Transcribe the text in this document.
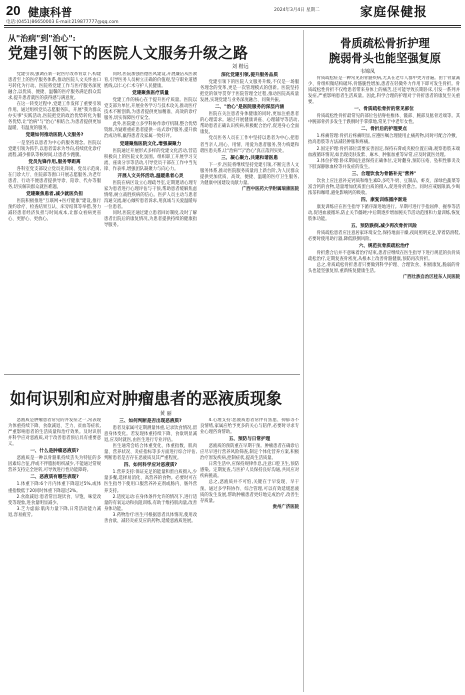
20 健康科普	2024年3月4日 星期二	家庭保健报
电话:(0451)86650003 E-mail:219877777@qq.com
从"治病"到"治心":
党建引领下的医院人文服务升级之路
刘 楷远

党建引领,强调在新一轮医疗改革背景下,构建患者至上的医疗服务体系,推动医院人文关怀由口号转化为行动。医院将党建工作与医疗服务深度融合,以优质、便捷、温馨的医疗服务满足群众需求,提升患者就医的获得感与满意度。

在这一转变过程中,党建工作发挥了重要引领作用。通过组织党员志愿服务队、开展"我为群众办实事"实践活动,医院把党的政治优势转化为服务优势,让"治病"与"治心"相结合,为患者提供更加温暖、有温度的服务。

党建如何推动医院人文服务?

一是坚持以患者为中心的服务理念。医院以党建引领为抓手,以患者需求为导向,持续优化诊疗流程,减少排队等候时间,让患者少跑腿。

党员先锋作用,服务零距离

各科室党支部设立党员先锋岗、党员示范岗,在门诊大厅、住院部等窗口开展志愿服务,为老年患者、行动不便患者提供导诊、陪诊、代办等服务,切实解决群众就医难题。

党建聚焦患者,减少就医负担

医院积极推进"互联网+医疗健康"建设,推行预约诊疗、检查结果互认、床旁结算等举措,努力减轻患者经济负担与时间成本,让群众看病更省心、更舒心、更放心。

同时,医院加强医德医风建设,开展廉洁从医教育,引导医务人员树立正确的价值观,坚守职业道德底线,以仁心仁术守护人民健康。

党建聚焦医疗质量

党建工作的核心在于提升医疗质量。医院以党支部为单位,开展业务学习与技术攻关,推动医疗技术不断创新,为患者提供更加精准、高效的诊疗服务,切实保障医疗安全。

此外,医院建立多学科协作诊疗机制,整合优势资源,为疑难重症患者提供一站式诊疗服务,提升救治成功率,赢得患者及家属一致好评。

党建聚焦医院文化,增强凝聚力

医院通过开展形式多样的党建文化活动,营造积极向上的医院文化氛围。组织职工开展学习交流、座谈分享等活动,引导党员干部在工作中当先锋、作表率,增强团队凝聚力与向心力。

开展人文关怀活动,温暖患者心灵

医院在病区设立心理疏导室,定期邀请心理专家为患者进行心理评估与干预,帮助患者缓解焦虑情绪,树立战胜疾病的信心。医护人员主动与患者沟通交流,耐心倾听患者诉求,用真诚与关爱温暖每一位患者。

同时,医院还通过建立患者回访制度,及时了解患者出院后的康复情况,为患者提供持续的健康指导服务。

深化党建引领,提升服务品质

党建引领下的医院人文服务升级,不仅是一场服务理念的变革,更是一次管理模式的创新。医院坚持把党的领导贯穿于医院管理全过程,推动医院高质量发展,实现党建与业务深度融合、同频共振。

二、"治心"是医院服务的深层内涵

医院在关注患者身体健康的同时,更加注重患者的心理需求。通过开展健康讲座、心理辅导等活动,帮助患者正确认识疾病,积极配合治疗,促进身心全面康复。

党员医务人员在工作中坚持以患者为中心,把患者当亲人,用心、用情、用爱为患者服务,努力构建和谐医患关系,让"治病"与"治心"真正落到实处。

三、凝心聚力,共建和谐医患

下一步,医院将继续坚持党建引领,不断完善人文服务体系,推动医院服务质量再上新台阶,为人民群众提供更加优质、高效、便捷、温暖的医疗卫生服务,为健康中国建设贡献力量。

广西中医药大学附属瑞康医院

如何识别和应对肿瘤患者的恶液质现象
黄 丽

恶液质是肿瘤患者常见的并发症之一,常表现为体重持续下降、食欲减退、乏力、贫血等症状,严重影响患者的生活质量和治疗效果。及时识别并科学应对恶液质,对于改善患者预后具有重要意义。

一、什么是肿瘤恶液质?

恶液质是一种以骨骼肌持续丢失为特征的多因素综合征,伴或不伴脂肪组织减少,不能通过常规营养支持完全逆转,可导致进行性功能障碍。

二、恶液质有哪些表现?

1.体重下降:6个月内体重下降超过5%,或体重指数低于20同时体重下降超过2%。

2.食欲减退:患者常出现厌食、早饱、味觉改变等现象,进食量明显减少。

3.乏力虚弱:肌肉力量下降,日常活动能力减退,容易疲劳。

三、如何判断是否出现恶液质?

患者及家属可定期测量体重,记录饮食情况,留意身体变化。若发现体重持续下降、食欲明显减退,应及时就医,由医生进行专业评估。

医生通常会结合体重变化、体重指数、肌肉量、营养状况、炎症指标等多方面进行综合评估,判断患者是否存在恶液质及其严重程度。

四、如何科学应对恶液质?

1.营养支持:保证充足的能量和蛋白质摄入,少量多餐,选择易消化、高营养的食物。必要时可在医生指导下使用口服营养补充剂或肠内、肠外营养支持。

2.适度运动:在身体条件允许的情况下,进行适量的有氧运动和抗阻训练,有助于维持肌肉量,改善身体功能。

3.药物治疗:医生可根据患者具体情况,使用改善食欲、减轻炎症反应的药物,延缓恶液质进展。

4.心理支持:恶液质患者常伴有焦虑、抑郁等不良情绪,家属应给予更多的关心与陪伴,必要时寻求专业心理咨询帮助。

五、预防与日常护理

恶液质的预防重在早期干预。肿瘤患者在确诊后应尽早进行营养风险筛查,制定个体化营养方案,积极治疗原发疾病,控制症状,提高生活质量。

日常生活中,应保持规律作息,注意口腔卫生,预防感染。定期复查,与医护人员保持良好沟通,共同应对疾病挑战。

总之,恶液质并不可怕,关键在于早发现、早干预。通过多学科协作、综合管理,可以有效延缓恶液质的发生发展,帮助肿瘤患者更好地完成治疗,改善生存质量。

贵州广济医院

骨质疏松骨折护理
腕弱骨头也能坚强复原
韦锦凤

骨质疏松症是一种常见的骨骼疾病,尤其在老年人群中更为普遍。由于骨量减少、骨组织微结构破坏,骨骼脆性增加,患者在轻微外力作用下即可发生骨折。骨质疏松性骨折不仅给患者带来身体上的痛苦,还可能导致长期卧床,引发一系列并发症,严重影响患者生活质量。因此,科学合理的护理对于骨折患者的康复至关重要。

一、骨质疏松骨折的常见部位

骨质疏松性骨折最常见的部位包括脊柱椎体、髋部、腕部及肱骨近端等。其中腕部骨折多发生于跌倒时手掌撑地,常见于中老年女性。

二、骨折后的护理要点

1.疼痛管理:骨折后疼痛明显,应遵医嘱合理使用止痛药物,同时可配合冷敷、抬高患肢等方法减轻肿胀和疼痛。

2.固定护理:骨折部位需要妥善固定,保持石膏或夹板位置正确,观察患肢末端血液循环情况,如出现皮肤发紫、麻木、肿胀加重等异常,应及时就医处理。

3.体位护理:卧床期间注意保持正确体位,定时翻身,预防压疮、坠积性肺炎及下肢深静脉血栓等并发症的发生。

三、合理饮食为骨骼补充"营养"

饮食上应注意补充钙质和维生素D,多吃牛奶、豆制品、虾皮、深绿色蔬菜等富含钙的食物,适量增加优质蛋白质的摄入,促进骨折愈合。同时应戒烟限酒,少喝浓茶和咖啡,避免影响钙的吸收。

四、康复训练循序渐进

康复训练应在医生指导下循序渐进地进行。早期可进行手指屈伸、握拳等活动,促进血液循环,防止关节僵硬;中后期逐步增加腕关节活动范围和力量训练,恢复肢体功能。

五、预防跌倒,减少再次骨折风险

骨质疏松患者应注意居家环境安全,保持地面干燥,夜间照明充足,穿着防滑鞋,必要时使用助行器,降低跌倒风险。

六、规范抗骨质疏松治疗

骨折愈合后并不意味着治疗结束,患者应继续在医生指导下进行规范的抗骨质疏松治疗,定期复查骨密度,从根本上改善骨骼健康,预防再次骨折。

总之,骨质疏松骨折患者只要做到科学护理、合理饮食、积极康复,脆弱的骨头也能坚强复原,重新恢复健康生活。

广西壮族自治区桂东人民医院
